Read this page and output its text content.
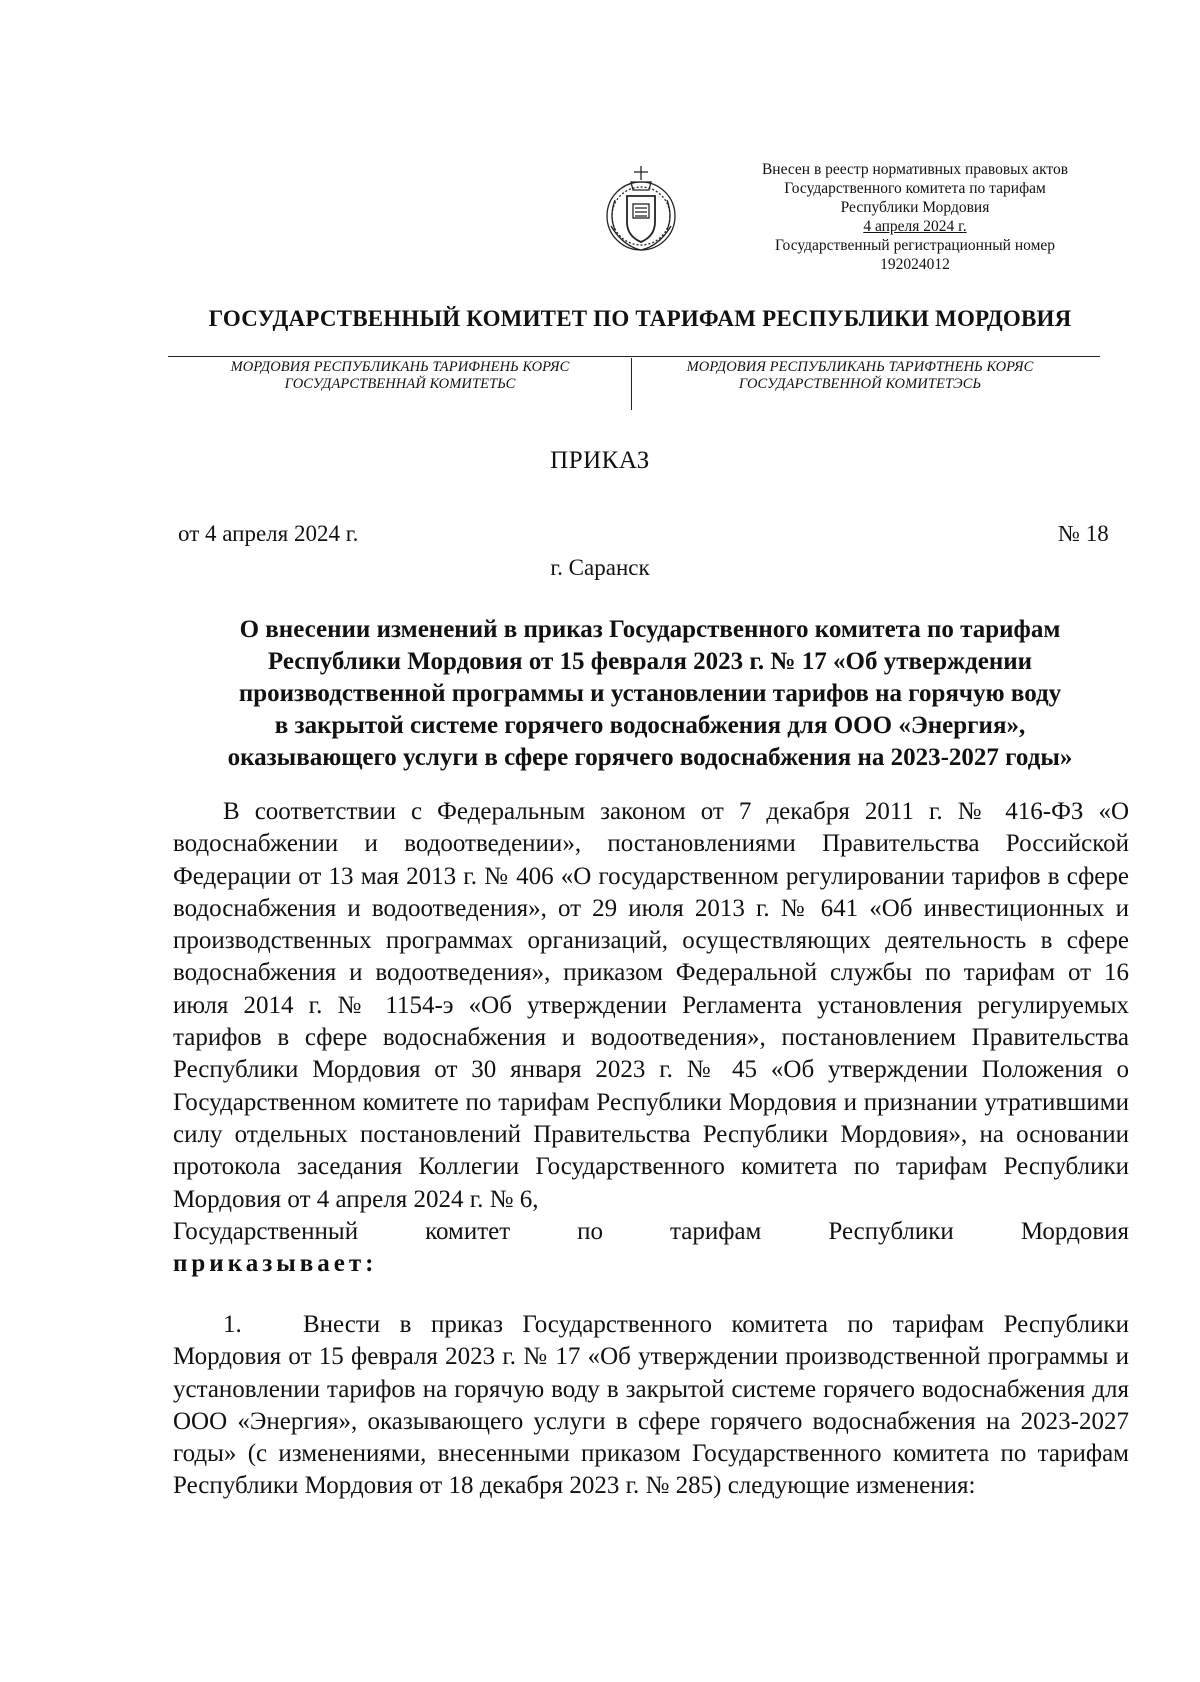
Внесен в реестр нормативных правовых актов
Государственного комитета по тарифам
Республики Мордовия
4 апреля 2024 г.
Государственный регистрационный номер
192024012
ГОСУДАРСТВЕННЫЙ КОМИТЕТ ПО ТАРИФАМ РЕСПУБЛИКИ МОРДОВИЯ
МОРДОВИЯ РЕСПУБЛИКАНЬ ТАРИФНЕНЬ КОРЯС
ГОСУДАРСТВЕННАЙ КОМИТЕТЬС
МОРДОВИЯ РЕСПУБЛИКАНЬ ТАРИФТНЕНЬ КОРЯС
ГОСУДАРСТВЕННОЙ КОМИТЕТЭСЬ
ПРИКАЗ
от 4 апреля 2024 г.	№ 18
г. Саранск
О внесении изменений в приказ Государственного комитета по тарифам
Республики Мордовия от 15 февраля 2023 г. № 17 «Об утверждении
производственной программы и установлении тарифов на горячую воду
в закрытой системе горячего водоснабжения для ООО «Энергия»,
оказывающего услуги в сфере горячего водоснабжения на 2023-2027 годы»
В соответствии с Федеральным законом от 7 декабря 2011 г. № 416-ФЗ «О водоснабжении и водоотведении», постановлениями Правительства Российской Федерации от 13 мая 2013 г. № 406 «О государственном регулировании тарифов в сфере водоснабжения и водоотведения», от 29 июля 2013 г. № 641 «Об инвестиционных и производственных программах организаций, осуществляющих деятельность в сфере водоснабжения и водоотведения», приказом Федеральной службы по тарифам от 16 июля 2014 г. № 1154-э «Об утверждении Регламента установления регулируемых тарифов в сфере водоснабжения и водоотведения», постановлением Правительства Республики Мордовия от 30 января 2023 г. № 45 «Об утверждении Положения о Государственном комитете по тарифам Республики Мордовия и признании утратившими силу отдельных постановлений Правительства Республики Мордовия», на основании протокола заседания Коллегии Государственного комитета по тарифам Республики Мордовия от 4 апреля 2024 г. № 6,
Государственный комитет по тарифам Республики Мордовия
приказывает:
1. Внести в приказ Государственного комитета по тарифам Республики Мордовия от 15 февраля 2023 г. № 17 «Об утверждении производственной программы и установлении тарифов на горячую воду в закрытой системе горячего водоснабжения для ООО «Энергия», оказывающего услуги в сфере горячего водоснабжения на 2023-2027 годы» (с изменениями, внесенными приказом Государственного комитета по тарифам Республики Мордовия от 18 декабря 2023 г. № 285) следующие изменения:
